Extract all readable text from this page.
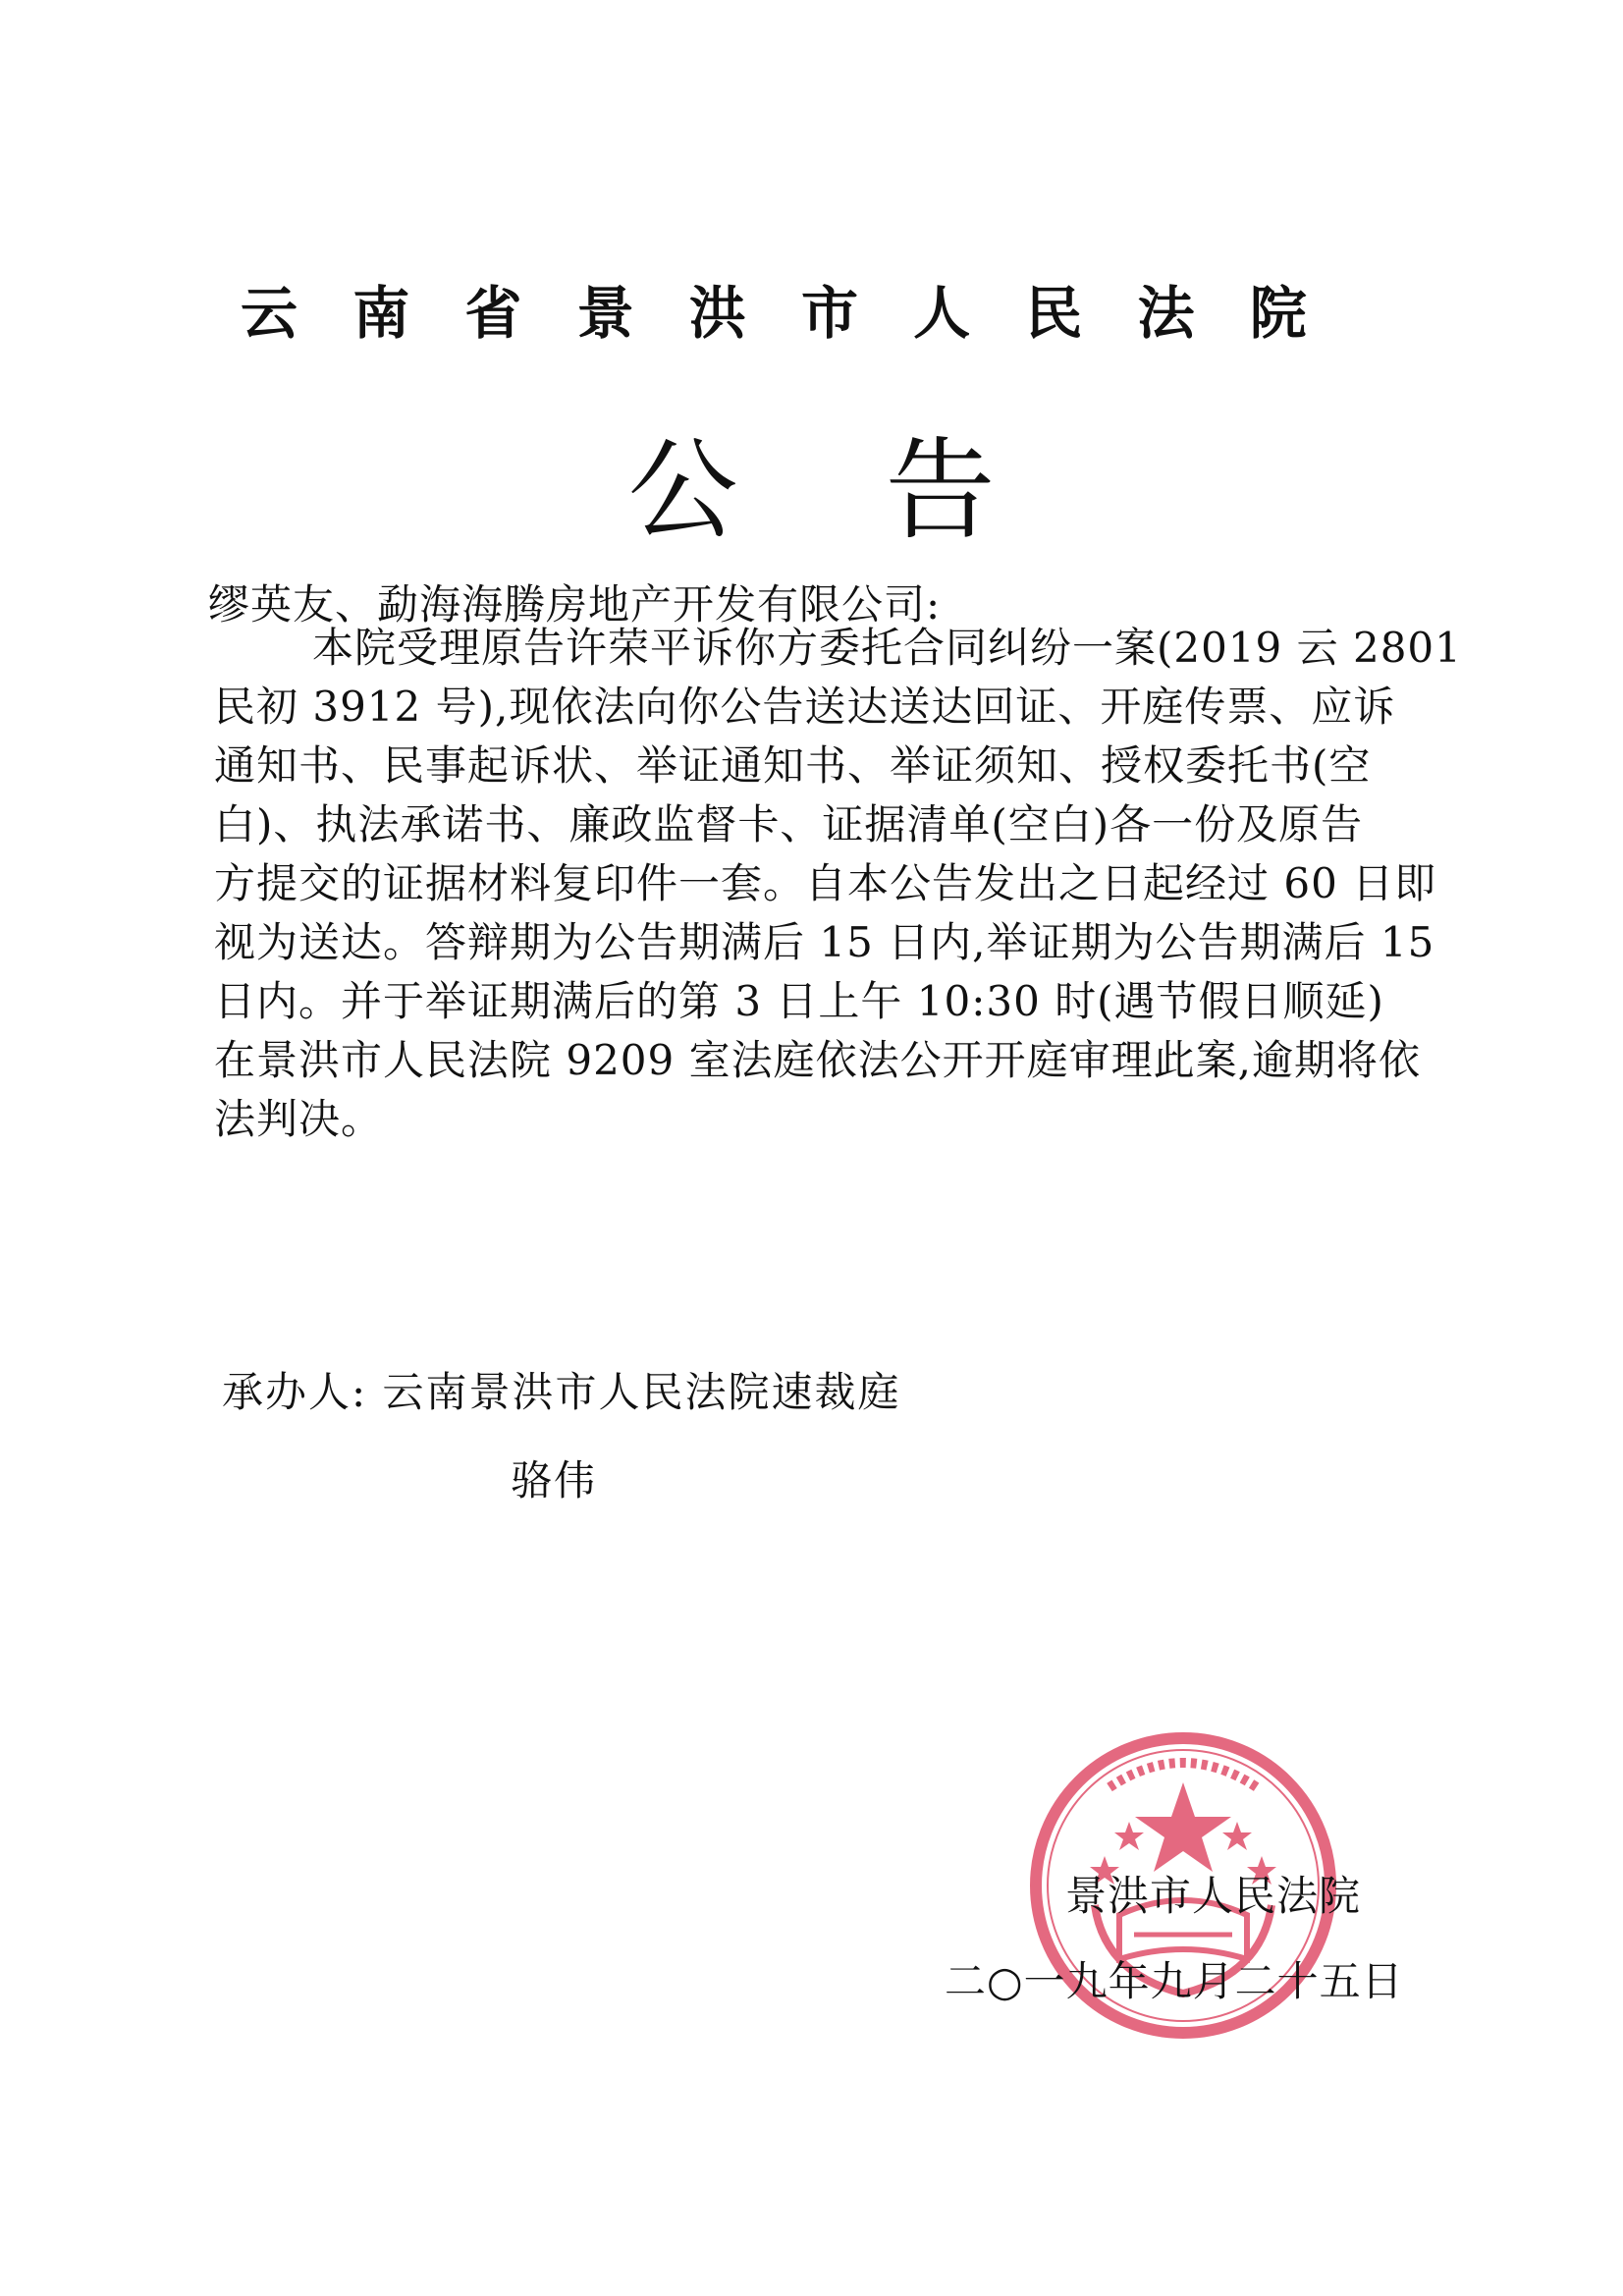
云 南 省 景 洪 市 人 民 法 院
公告
缪英友、勐海海腾房地产开发有限公司:
本院受理原告许荣平诉你方委托合同纠纷一案(2019 云 2801
民初 3912 号),现依法向你公告送达送达回证、开庭传票、应诉
通知书、民事起诉状、举证通知书、举证须知、授权委托书(空
白)、执法承诺书、廉政监督卡、证据清单(空白)各一份及原告
方提交的证据材料复印件一套。自本公告发出之日起经过 60 日即
视为送达。答辩期为公告期满后 15 日内,举证期为公告期满后 15
日内。并于举证期满后的第 3 日上午 10:30 时(遇节假日顺延)
在景洪市人民法院 9209 室法庭依法公开开庭审理此案,逾期将依
法判决。
承办人: 云南景洪市人民法院速裁庭
骆伟
景洪市人民法院
二○一九年九月二十五日
